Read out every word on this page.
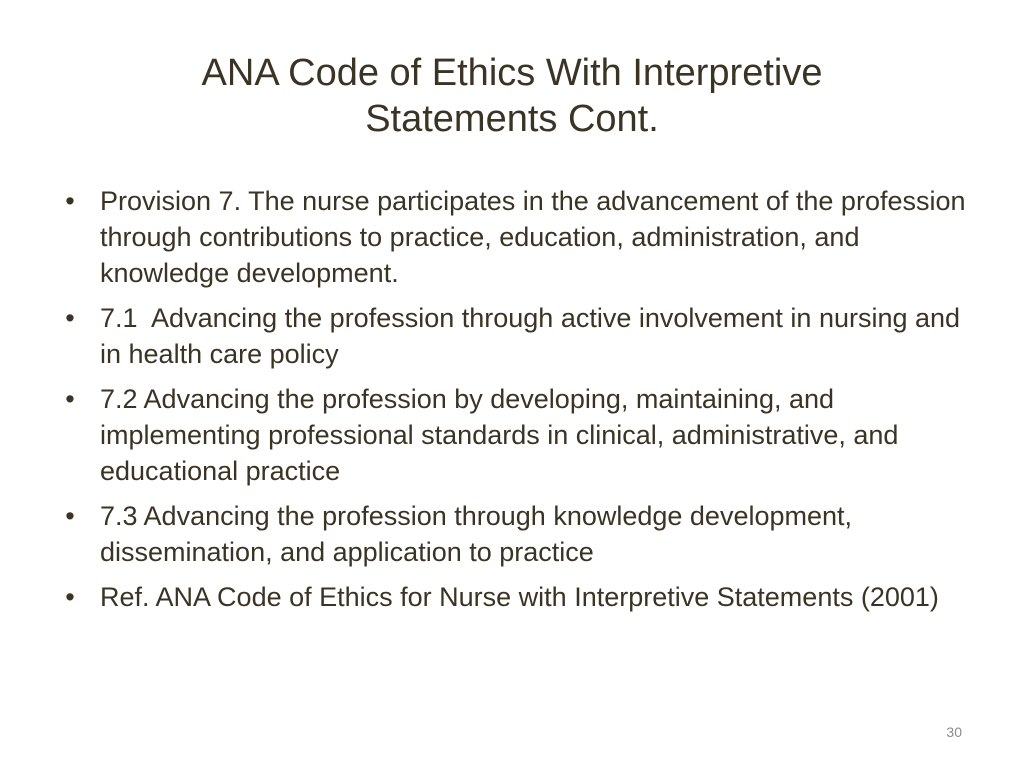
ANA Code of Ethics With Interpretive
Statements Cont.
• Provision 7. The nurse participates in the advancement of the profession through contributions to practice, education, administration, and knowledge development.
• 7.1  Advancing the profession through active involvement in nursing and in health care policy
• 7.2 Advancing the profession by developing, maintaining, and implementing professional standards in clinical, administrative, and educational practice
• 7.3 Advancing the profession through knowledge development, dissemination, and application to practice
• Ref. ANA Code of Ethics for Nurse with Interpretive Statements (2001)
30
